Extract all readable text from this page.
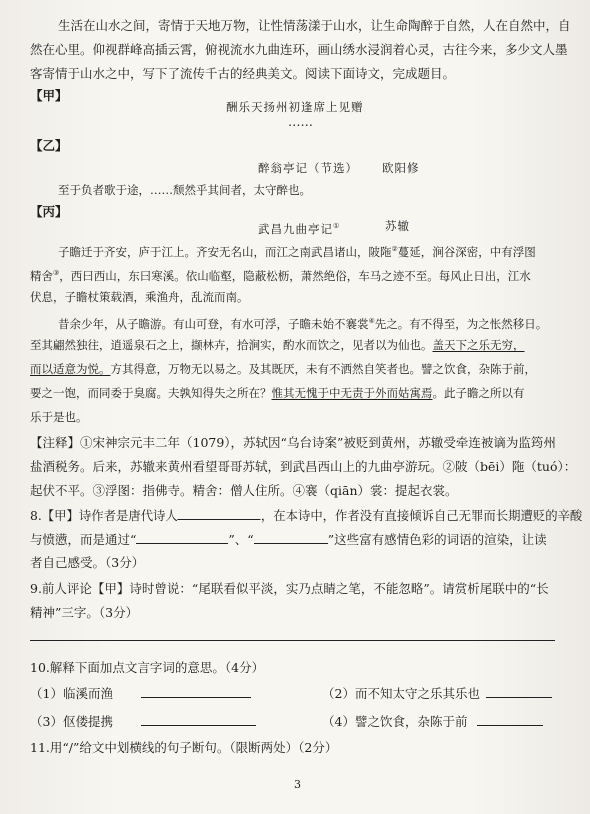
生活在山水之间，寄情于天地万物，让性情荡漾于山水，让生命陶醉于自然，人在自然中，自
然在心里。仰视群峰高插云霄，俯视流水九曲连环，画山绣水浸润着心灵，古往今来，多少文人墨
客寄情于山水之中，写下了流传千古的经典美文。阅读下面诗文，完成题目。
【甲】
酬乐天扬州初逢席上见赠
……
【乙】
醉翁亭记（节选） 欧阳修
至于负者歌于途，……颓然乎其间者，太守醉也。
【丙】
武昌九曲亭记①	苏辙
子瞻迁于齐安，庐于江上。齐安无名山，而江之南武昌诸山，陂陁②蔓延，涧谷深密，中有浮图
精舍③，西曰西山，东曰寒溪。依山临壑，隐蔽松枥，萧然绝俗，车马之迹不至。每风止日出，江水
伏息，子瞻杖策载酒，乘渔舟，乱流而南。
昔余少年，从子瞻游。有山可登，有水可浮，子瞻未始不褰裳④先之。有不得至，为之怅然移日。
至其翩然独往，逍遥泉石之上，撷林卉，拾涧实，酌水而饮之，见者以为仙也。盖天下之乐无穷，
而以适意为悦。方其得意，万物无以易之。及其既厌，未有不洒然自笑者也。譬之饮食，杂陈于前，
要之一饱，而同委于臭腐。夫孰知得失之所在？惟其无愧于中无责于外而姑寓焉。此子瞻之所以有
乐于是也。
【注释】①宋神宗元丰二年（1079），苏轼因“乌台诗案”被贬到黄州，苏辙受牵连被谪为监筠州
盐酒税务。后来，苏辙来黄州看望哥哥苏轼，到武昌西山上的九曲亭游玩。②陂（bēi）陁（tuó）：
起伏不平。③浮图：指佛寺。精舍：僧人住所。④褰（qiān）裳：提起衣裳。
8.【甲】诗作者是唐代诗人	，在本诗中，作者没有直接倾诉自己无罪而长期遭贬的辛酸
与愤懑，而是通过“	”、“	”这些富有感情色彩的词语的渲染，让读
者自己感受。（3分）
9.前人评论【甲】诗时曾说：“尾联看似平淡，实乃点睛之笔，不能忽略”。请赏析尾联中的“长
精神”三字。（3分）
10.解释下面加点文言字词的意思。（4分）
（1）临溪而渔	（2）而不知太守之乐其乐也
（3）伛偻提携	（4）譬之饮食，杂陈于前
11.用“/”给文中划横线的句子断句。（限断两处）（2分）
3
